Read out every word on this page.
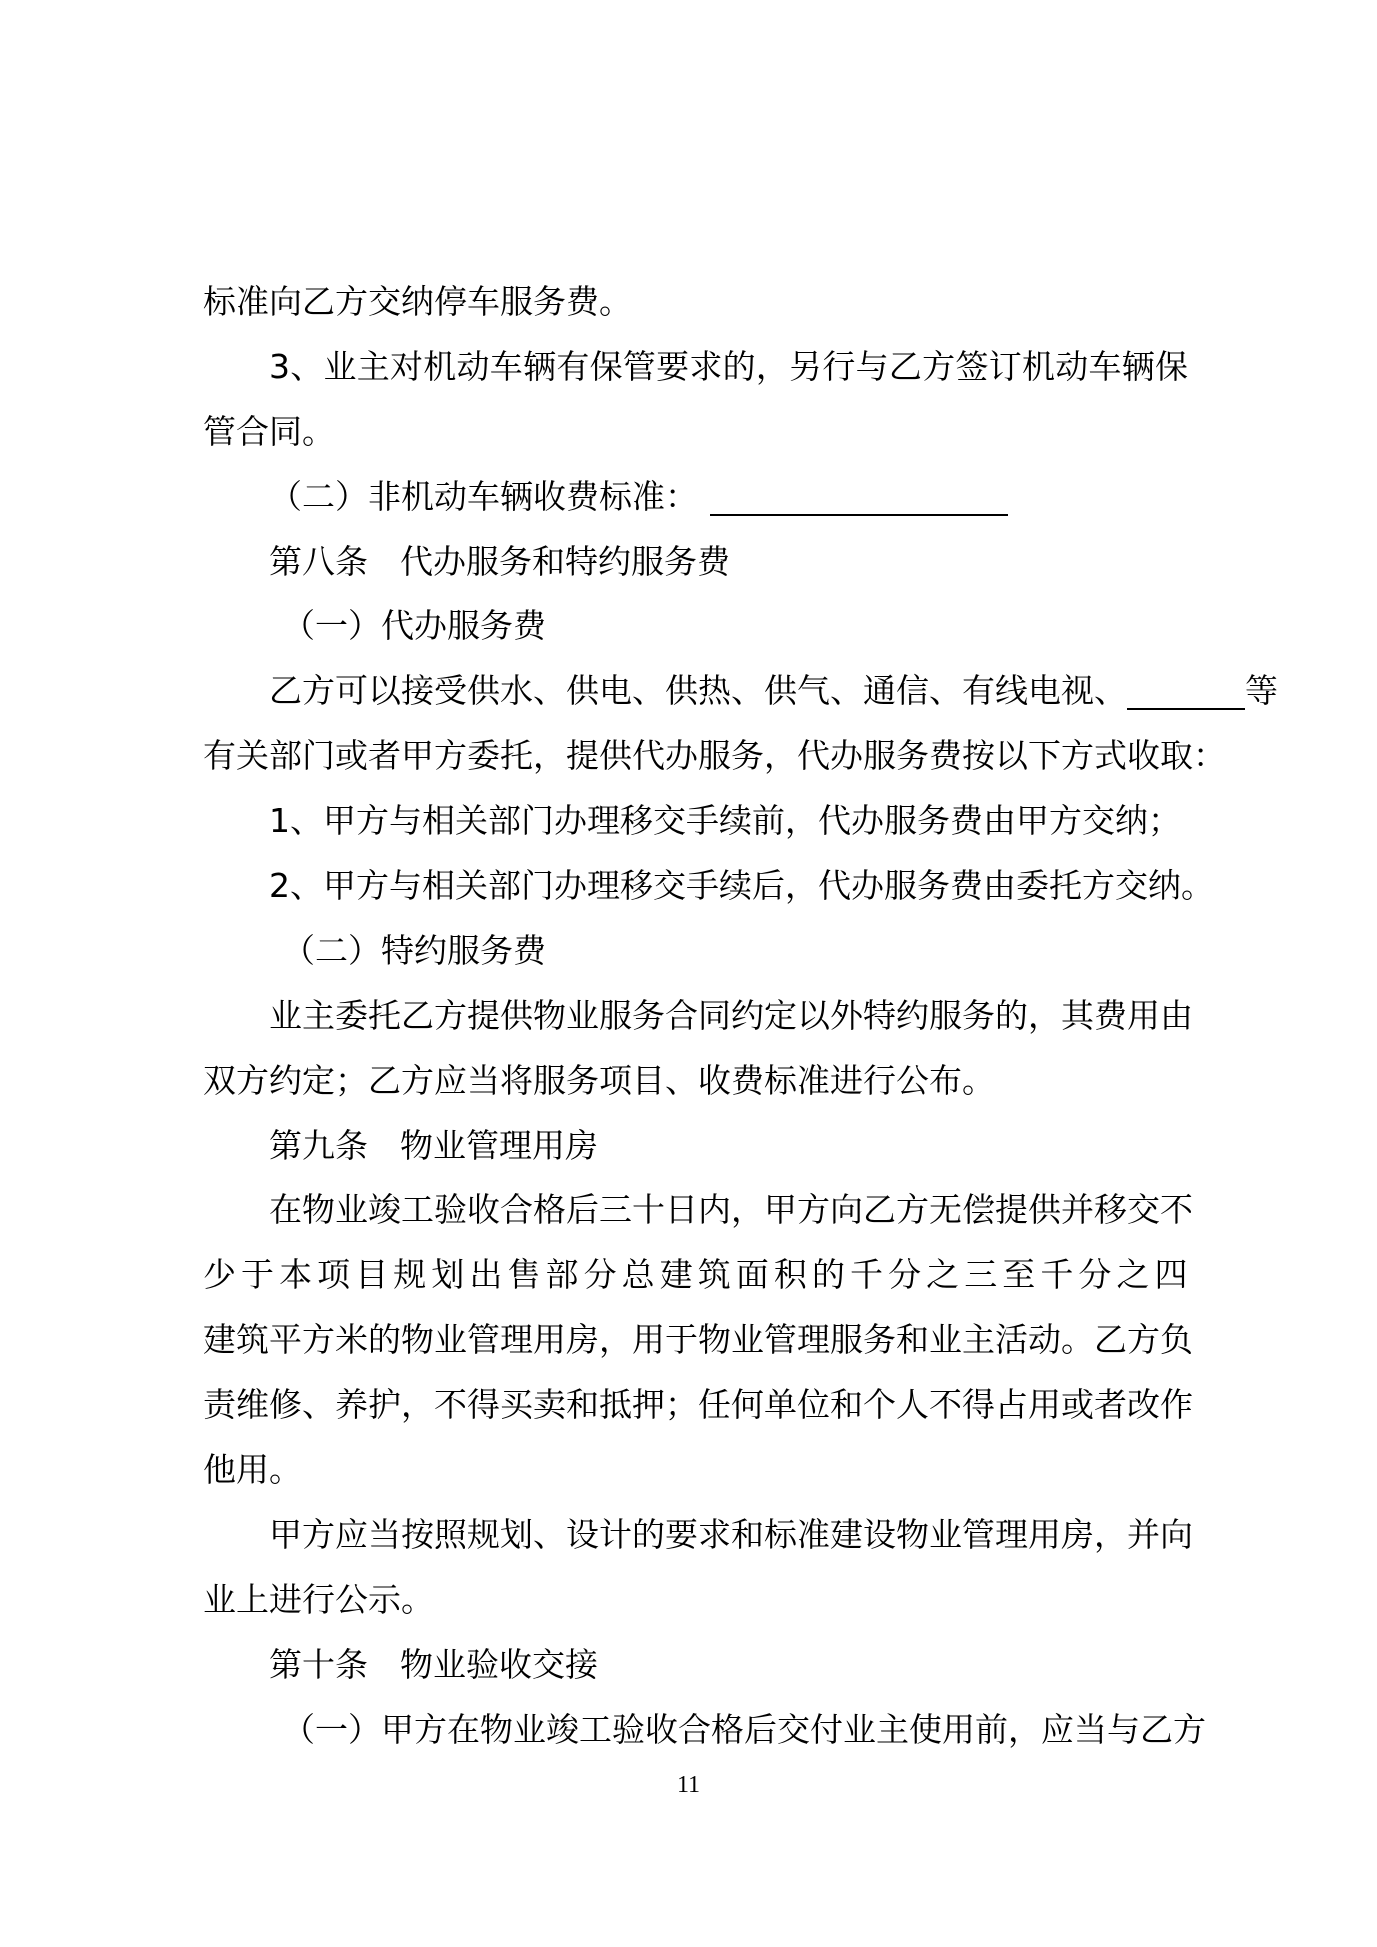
标准向乙方交纳停车服务费。
3、业主对机动车辆有保管要求的，另行与乙方签订机动车辆保
管合同。
（二）非机动车辆收费标准：
第八条 代办服务和特约服务费
（一）代办服务费
乙方可以接受供水、供电、供热、供气、通信、有线电视、	等
有关部门或者甲方委托，提供代办服务，代办服务费按以下方式收取：
1、甲方与相关部门办理移交手续前，代办服务费由甲方交纳；
2、甲方与相关部门办理移交手续后，代办服务费由委托方交纳。
（二）特约服务费
业主委托乙方提供物业服务合同约定以外特约服务的，其费用由
双方约定；乙方应当将服务项目、收费标准进行公布。
第九条 物业管理用房
在物业竣工验收合格后三十日内，甲方向乙方无偿提供并移交不
少于本项目规划出售部分总建筑面积的千分之三至千分之四
建筑平方米的物业管理用房，用于物业管理服务和业主活动。乙方负
责维修、养护，不得买卖和抵押；任何单位和个人不得占用或者改作
他用。
甲方应当按照规划、设计的要求和标准建设物业管理用房，并向
业上进行公示。
第十条 物业验收交接
（一）甲方在物业竣工验收合格后交付业主使用前，应当与乙方
11
